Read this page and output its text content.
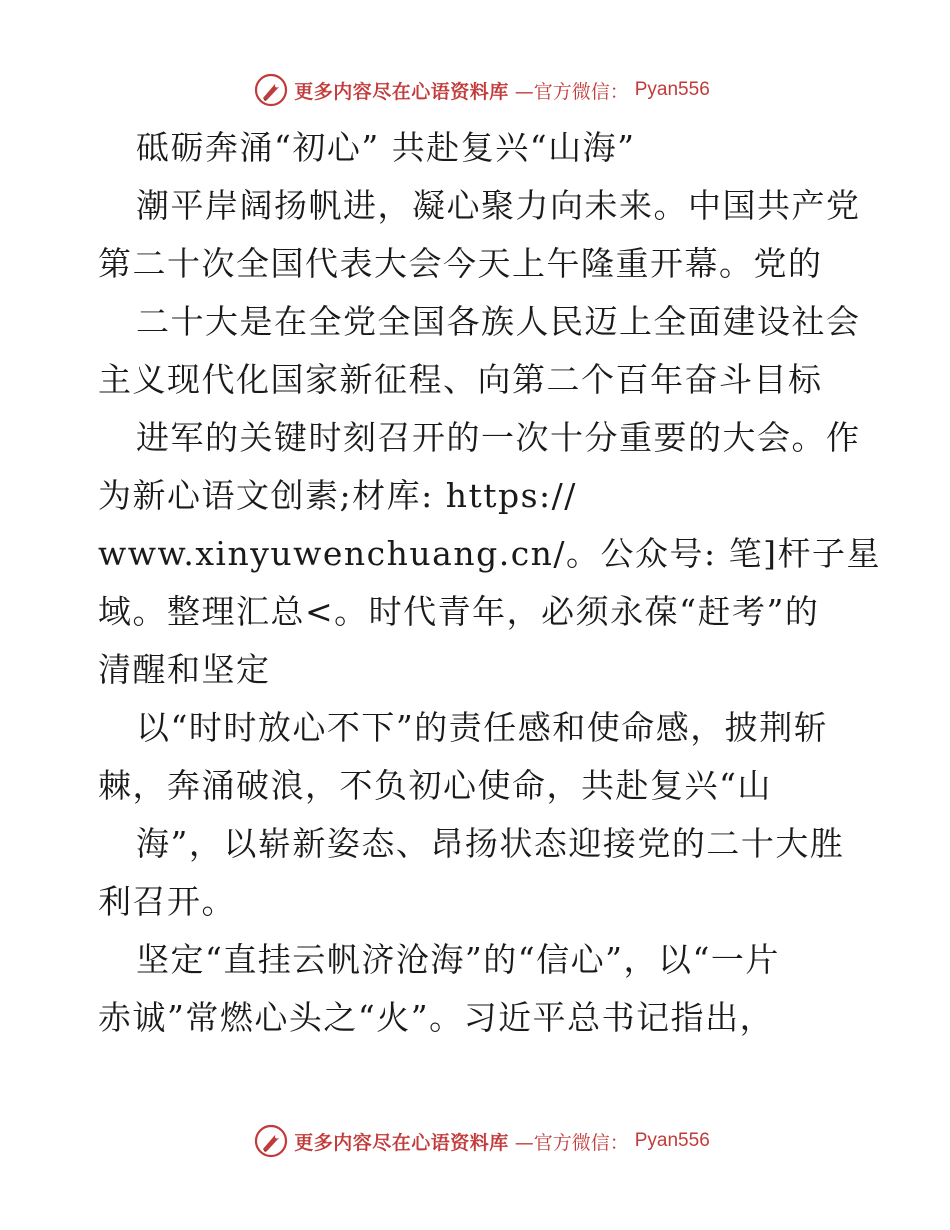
更多内容尽在心语资料库 —官方微信： Pyan556
砥砺奔涌“初心” 共赴复兴“山海”
潮平岸阔扬帆进，凝心聚力向未来。中国共产党
第二十次全国代表大会今天上午隆重开幕。党的
二十大是在全党全国各族人民迈上全面建设社会
主义现代化国家新征程、向第二个百年奋斗目标
进军的关键时刻召开的一次十分重要的大会。作
为新心语文创素;材库: https://
www.xinyuwenchuang.cn/。公众号: 笔]杆子星
域。整理汇总<。时代青年，必须永葆“赶考”的
清醒和坚定
以“时时放心不下”的责任感和使命感，披荆斩
棘，奔涌破浪，不负初心使命，共赴复兴“山
海”，以崭新姿态、昂扬状态迎接党的二十大胜
利召开。
坚定“直挂云帆济沧海”的“信心”，以“一片
赤诚”常燃心头之“火”。习近平总书记指出，
更多内容尽在心语资料库 —官方微信： Pyan556
